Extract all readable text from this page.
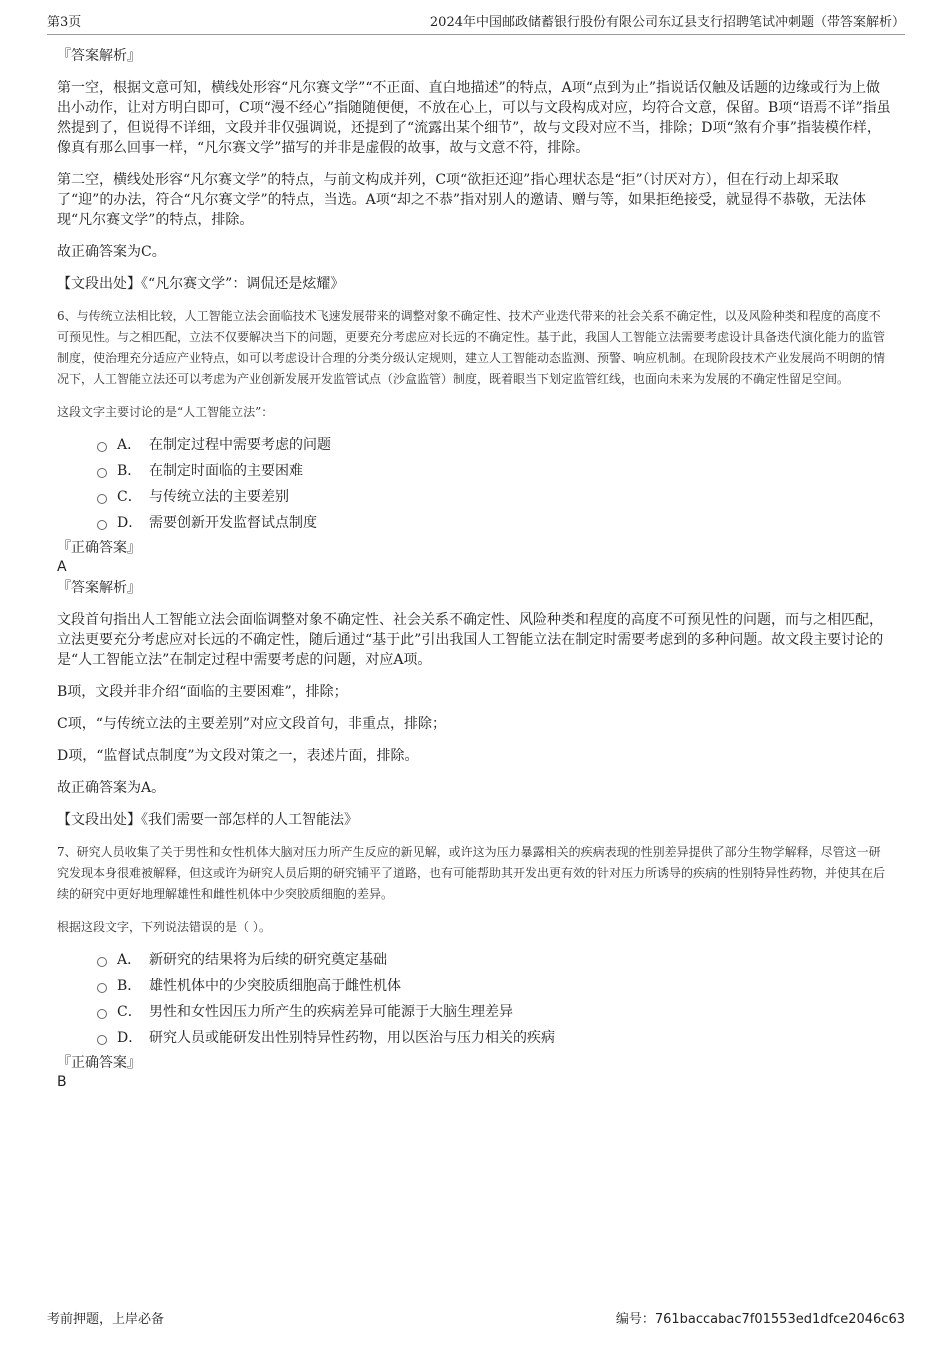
第3页	2024年中国邮政储蓄银行股份有限公司东辽县支行招聘笔试冲刺题（带答案解析）

『答案解析』

第一空，根据文意可知，横线处形容“凡尔赛文学”“不正面、直白地描述”的特点，A项“点到为止”指说话仅触及话题的边缘或行为上做出小动作，让对方明白即可，C项“漫不经心”指随随便便，不放在心上，可以与文段构成对应，均符合文意，保留。B项“语焉不详”指虽然提到了，但说得不详细，文段并非仅强调说，还提到了“流露出某个细节”，故与文段对应不当，排除；D项“煞有介事”指装模作样，像真有那么回事一样，“凡尔赛文学”描写的并非是虚假的故事，故与文意不符，排除。

第二空，横线处形容“凡尔赛文学”的特点，与前文构成并列，C项“欲拒还迎”指心理状态是“拒”（讨厌对方），但在行动上却采取了“迎”的办法，符合“凡尔赛文学”的特点，当选。A项“却之不恭”指对别人的邀请、赠与等，如果拒绝接受，就显得不恭敬，无法体现“凡尔赛文学”的特点，排除。

故正确答案为C。

【文段出处】《“凡尔赛文学”：调侃还是炫耀》

6、与传统立法相比较，人工智能立法会面临技术飞速发展带来的调整对象不确定性、技术产业迭代带来的社会关系不确定性，以及风险种类和程度的高度不可预见性。与之相匹配，立法不仅要解决当下的问题，更要充分考虑应对长远的不确定性。基于此，我国人工智能立法需要考虑设计具备迭代演化能力的监管制度，使治理充分适应产业特点，如可以考虑设计合理的分类分级认定规则，建立人工智能动态监测、预警、响应机制。在现阶段技术产业发展尚不明朗的情况下，人工智能立法还可以考虑为产业创新发展开发监管试点（沙盒监管）制度，既着眼当下划定监管红线，也面向未来为发展的不确定性留足空间。

这段文字主要讨论的是“人工智能立法”：

A． 在制定过程中需要考虑的问题
B． 在制定时面临的主要困难
C． 与传统立法的主要差别
D． 需要创新开发监督试点制度

『正确答案』

A

『答案解析』

文段首句指出人工智能立法会面临调整对象不确定性、社会关系不确定性、风险种类和程度的高度不可预见性的问题，而与之相匹配，立法更要充分考虑应对长远的不确定性，随后通过“基于此”引出我国人工智能立法在制定时需要考虑到的多种问题。故文段主要讨论的是“人工智能立法”在制定过程中需要考虑的问题，对应A项。

B项，文段并非介绍“面临的主要困难”，排除；

C项，“与传统立法的主要差别”对应文段首句，非重点，排除；

D项，“监督试点制度”为文段对策之一，表述片面，排除。

故正确答案为A。

【文段出处】《我们需要一部怎样的人工智能法》

7、研究人员收集了关于男性和女性机体大脑对压力所产生反应的新见解，或许这为压力暴露相关的疾病表现的性别差异提供了部分生物学解释，尽管这一研究发现本身很难被解释，但这或许为研究人员后期的研究铺平了道路，也有可能帮助其开发出更有效的针对压力所诱导的疾病的性别特异性药物，并使其在后续的研究中更好地理解雄性和雌性机体中少突胶质细胞的差异。

根据这段文字，下列说法错误的是（ ）。

A． 新研究的结果将为后续的研究奠定基础
B． 雄性机体中的少突胶质细胞高于雌性机体
C． 男性和女性因压力所产生的疾病差异可能源于大脑生理差异
D． 研究人员或能研发出性别特异性药物，用以医治与压力相关的疾病

『正确答案』

B

考前押题，上岸必备	编号：761baccabac7f01553ed1dfce2046c63
